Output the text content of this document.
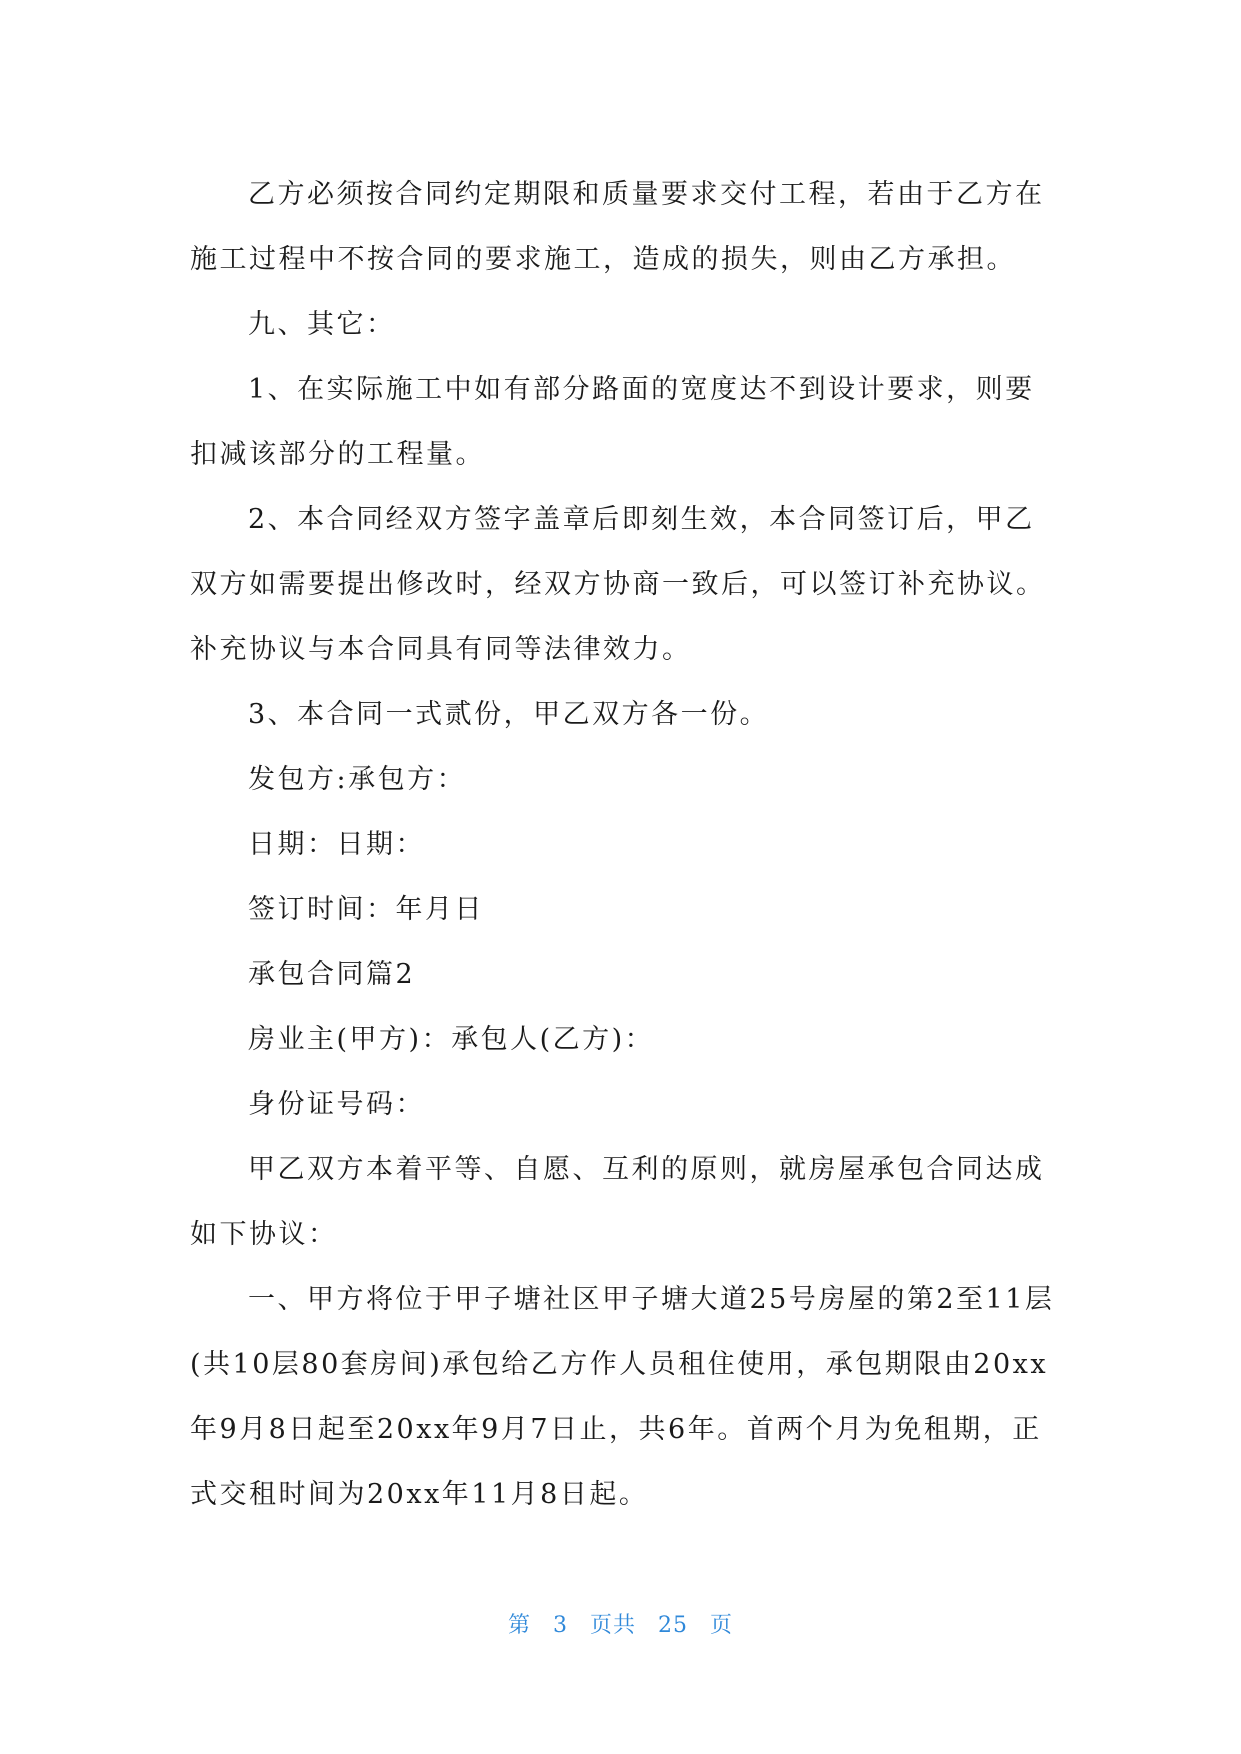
乙方必须按合同约定期限和质量要求交付工程，若由于乙方在施工过程中不按合同的要求施工，造成的损失，则由乙方承担。

九、其它：

1、在实际施工中如有部分路面的宽度达不到设计要求，则要扣减该部分的工程量。

2、本合同经双方签字盖章后即刻生效，本合同签订后，甲乙双方如需要提出修改时，经双方协商一致后，可以签订补充协议。补充协议与本合同具有同等法律效力。

3、本合同一式贰份，甲乙双方各一份。

发包方:承包方：

日期：日期：

签订时间：年月日

承包合同篇2

房业主(甲方)：承包人(乙方)：

身份证号码：

甲乙双方本着平等、自愿、互利的原则，就房屋承包合同达成如下协议：

一、甲方将位于甲子塘社区甲子塘大道25号房屋的第2至11层(共10层80套房间)承包给乙方作人员租住使用，承包期限由20xx年9月8日起至20xx年9月7日止，共6年。首两个月为免租期，正式交租时间为20xx年11月8日起。

第 3 页共 25 页
